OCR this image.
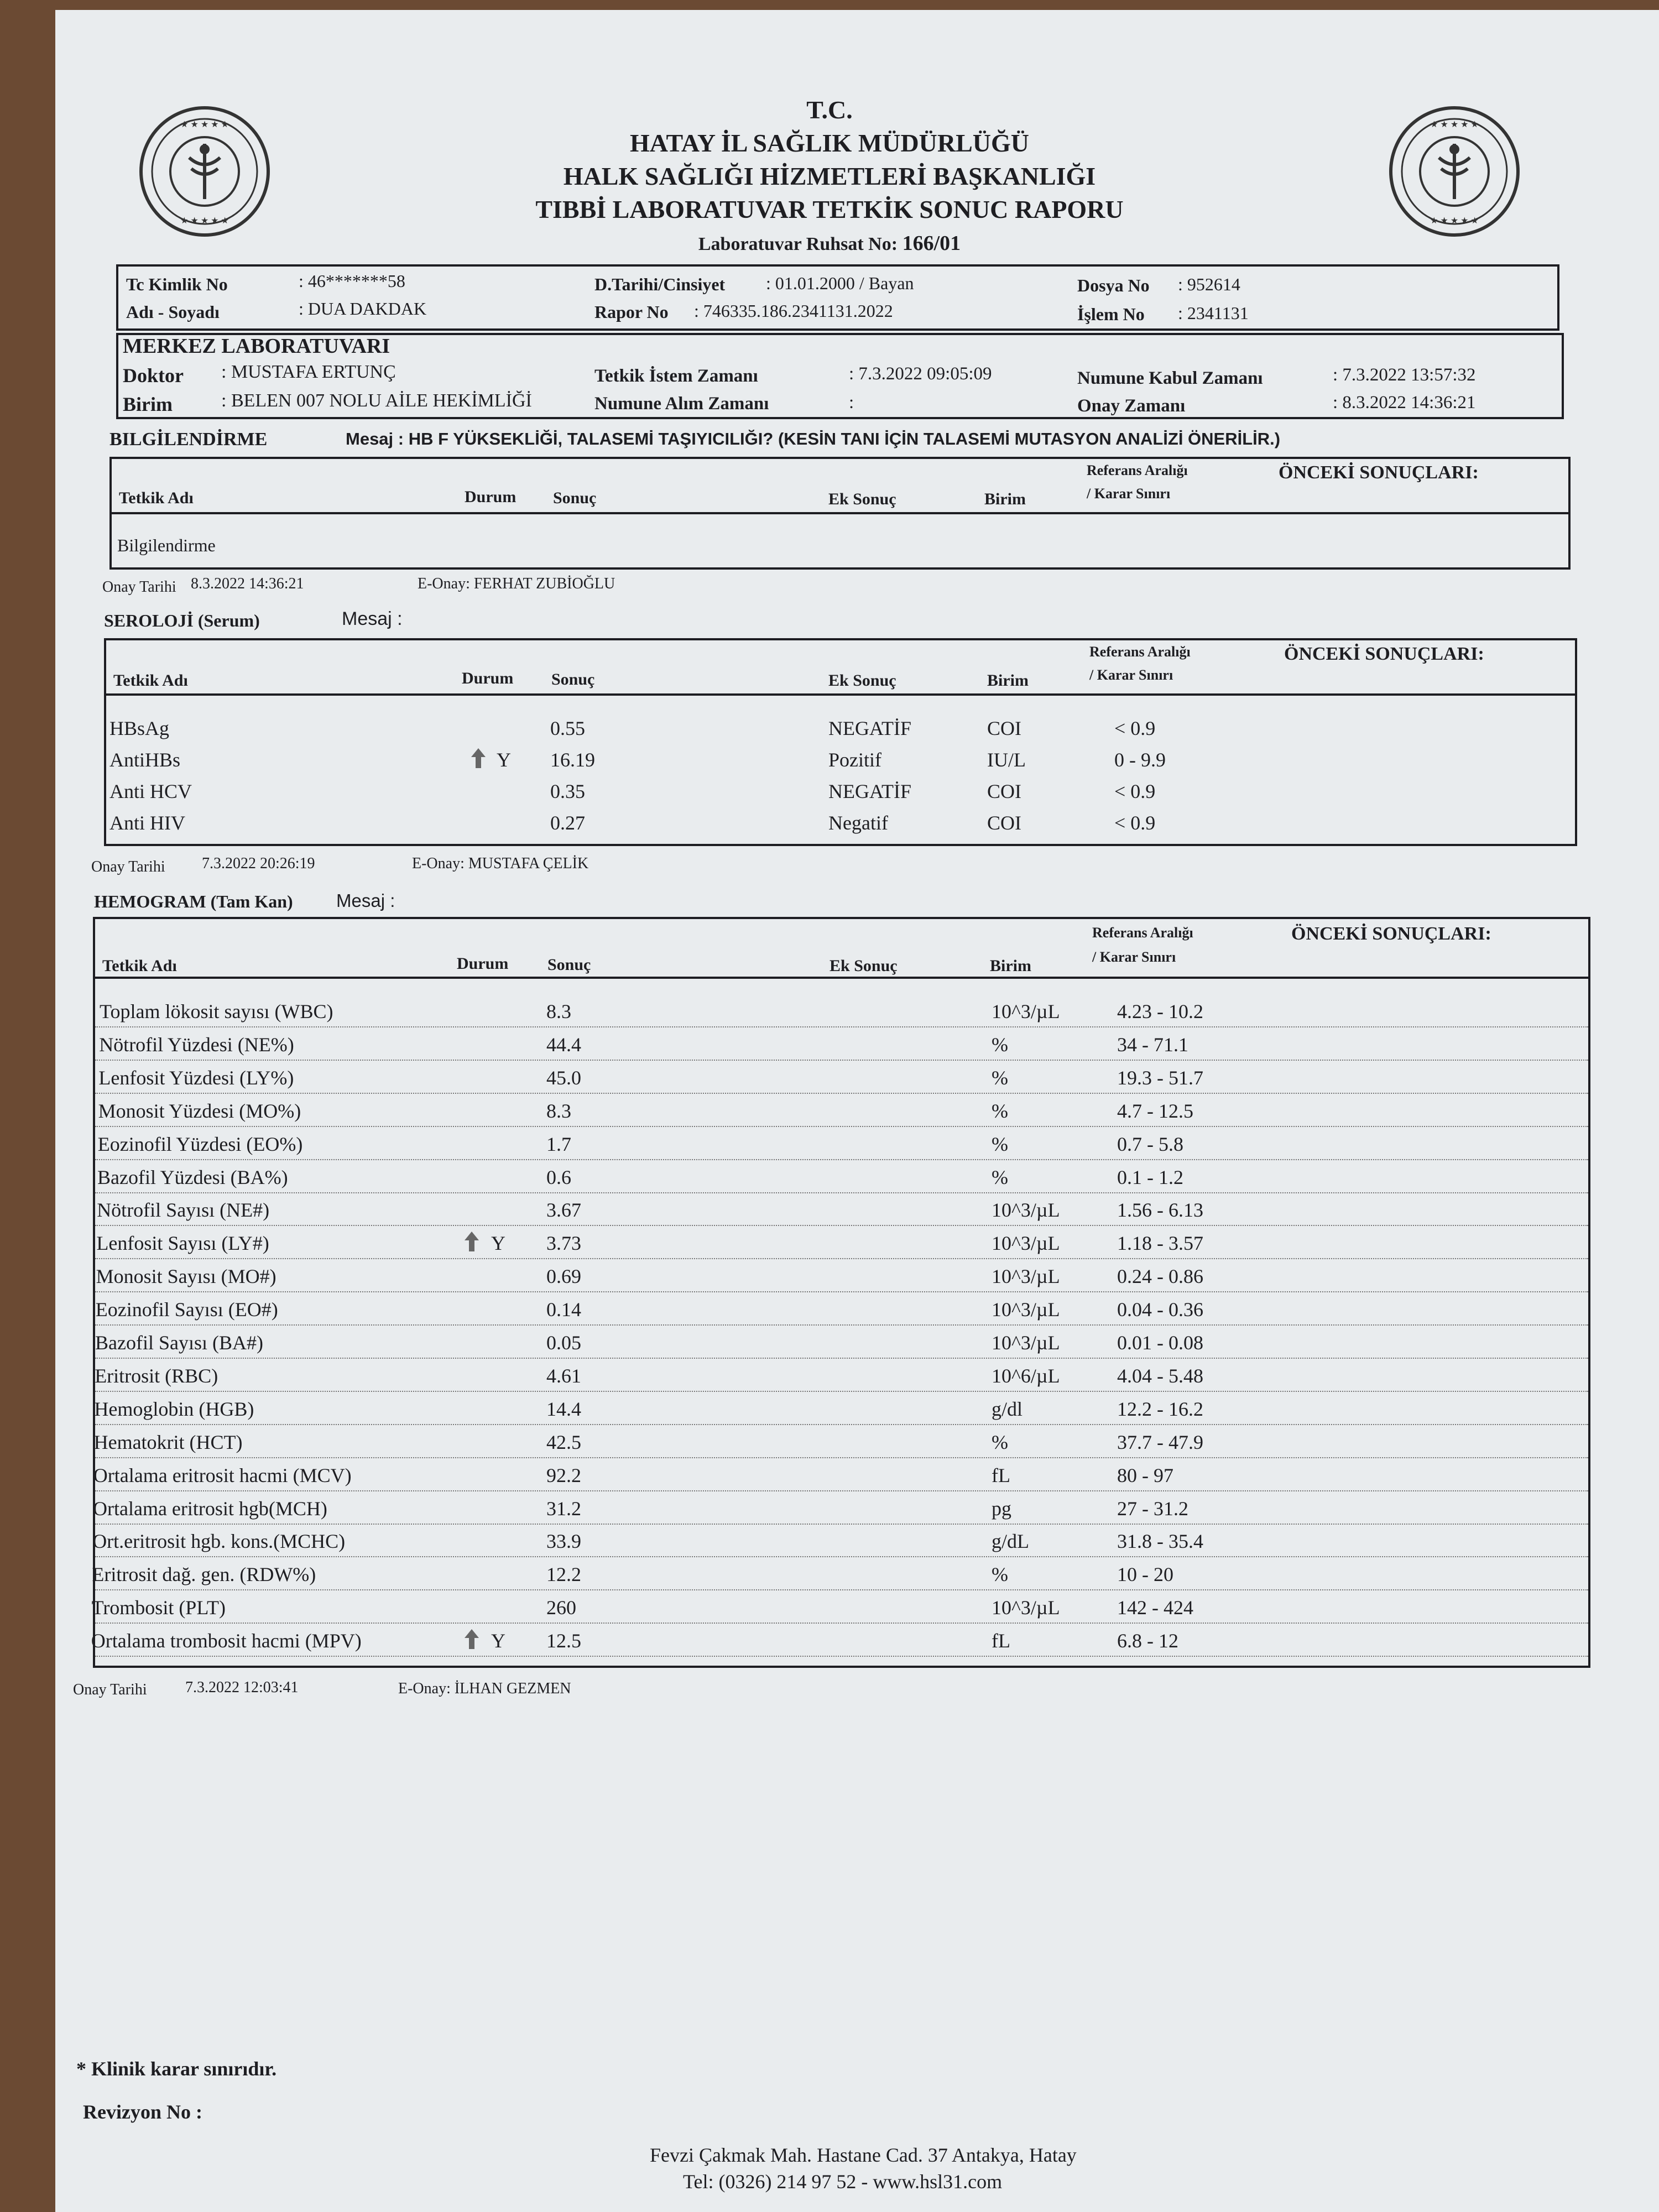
★ ★ ★ ★ ★
★ ★ ★ ★ ★
★ ★ ★ ★ ★
★ ★ ★ ★ ★
T.C.
HATAY İL SAĞLIK MÜDÜRLÜĞÜ
HALK SAĞLIĞI HİZMETLERİ BAŞKANLIĞI
TIBBİ LABORATUVAR TETKİK SONUC RAPORU
Laboratuvar Ruhsat No: 166/01
Tc Kimlik No	: 46*******58
Adı - Soyadı	: DUA DAKDAK
D.Tarihi/Cinsiyet : 01.01.2000 / Bayan
Rapor No : 746335.186.2341131.2022
Dosya No : 952614
İşlem No : 2341131
MERKEZ LABORATUVARI
Doktor : MUSTAFA ERTUNÇ
Birim	: BELEN 007 NOLU AİLE HEKİMLİĞİ
Tetkik İstem Zamanı	: 7.3.2022 09:05:09
Numune Alım Zamanı	:
Numune Kabul Zamanı	: 7.3.2022 13:57:32
Onay Zamanı	: 8.3.2022 14:36:21
BILGİLENDİRME	Mesaj : HB F YÜKSEKLİĞİ, TALASEMİ TAŞIYICILIĞI? (KESİN TANI İÇİN TALASEMİ MUTASYON ANALİZİ ÖNERİLİR.)
Tetkik Adı	Durum Sonuç	Ek Sonuç	Birim
Referans Aralığı
/ Karar Sınırı
ÖNCEKİ SONUÇLARI:
Bilgilendirme
Onay Tarihi 8.3.2022 14:36:21	E-Onay: FERHAT ZUBİOĞLU
SEROLOJİ (Serum)	Mesaj :
Tetkik Adı	Durum Sonuç	Ek Sonuç	Birim
Referans Aralığı
/ Karar Sınırı
ÖNCEKİ SONUÇLARI:
HBsAg	0.55	NEGATİF	COI	< 0.9
AntiHBs	Y 16.19	Pozitif	IU/L	0 - 9.9
Anti HCV	0.35	NEGATİF	COI	< 0.9
Anti HIV	0.27	Negatif	COI	< 0.9
Onay Tarihi 7.3.2022 20:26:19	E-Onay: MUSTAFA ÇELİK
HEMOGRAM (Tam Kan) Mesaj :
Tetkik Adı	Durum Sonuç	Ek Sonuç	Birim
Referans Aralığı
/ Karar Sınırı
ÖNCEKİ SONUÇLARI:
Toplam lökosit sayısı (WBC)	8.3	10^3/µL	4.23 - 10.2
Nötrofil Yüzdesi (NE%)	44.4	%	34 - 71.1
Lenfosit Yüzdesi (LY%)	45.0	%	19.3 - 51.7
Monosit Yüzdesi (MO%)	8.3	%	4.7 - 12.5
Eozinofil Yüzdesi (EO%)	1.7	%	0.7 - 5.8
Bazofil Yüzdesi (BA%)	0.6	%	0.1 - 1.2
Nötrofil Sayısı (NE#)	3.67	10^3/µL	1.56 - 6.13
Lenfosit Sayısı (LY#)	Y 3.73	10^3/µL	1.18 - 3.57
Monosit Sayısı (MO#)	0.69	10^3/µL	0.24 - 0.86
Eozinofil Sayısı (EO#)	0.14	10^3/µL	0.04 - 0.36
Bazofil Sayısı (BA#)	0.05	10^3/µL	0.01 - 0.08
Eritrosit (RBC)	4.61	10^6/µL	4.04 - 5.48
Hemoglobin (HGB)	14.4	g/dl	12.2 - 16.2
Hematokrit (HCT)	42.5	%	37.7 - 47.9
Ortalama eritrosit hacmi (MCV)	92.2	fL	80 - 97
Ortalama eritrosit hgb(MCH)	31.2	pg	27 - 31.2
Ort.eritrosit hgb. kons.(MCHC)	33.9	g/dL	31.8 - 35.4
Eritrosit dağ. gen. (RDW%)	12.2	%	10 - 20
Trombosit (PLT)	260	10^3/µL	142 - 424
Ortalama trombosit hacmi (MPV)	Y 12.5	fL	6.8 - 12
Onay Tarihi 7.3.2022 12:03:41	E-Onay: İLHAN GEZMEN
* Klinik karar sınırıdır.
Revizyon No :
Fevzi Çakmak Mah. Hastane Cad. 37 Antakya, Hatay
Tel: (0326) 214 97 52 - www.hsl31.com
